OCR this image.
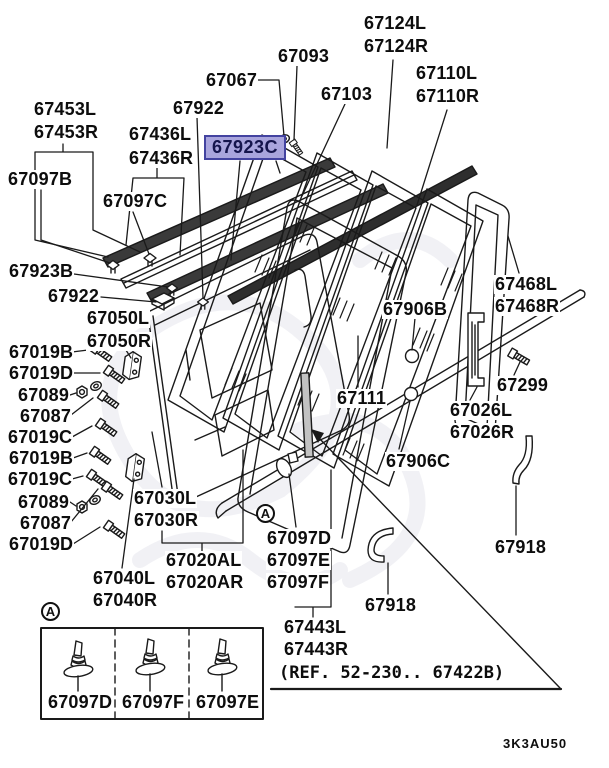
67124L
67124R
67093
67067
67103
67110L
67110R
67453L
67453R
67922
67436L
67436R
67923C
67097B
67097C
67923B
67922
67050L
67050R
67019B
67019D
67089
67087
67019C
67019B
67019C
67089
67087
67019D
67030L
67030R
67040L
67040R
67020AL
67020AR
67097D
67097E
67097F
67443L
67443R
(REF. 52-230.. 67422B)
67918
67906B
67111
67906C
67468L
67468R
67299
67026L
67026R
67918
67097D 67097F 67097E
3K3AU50
A
A
